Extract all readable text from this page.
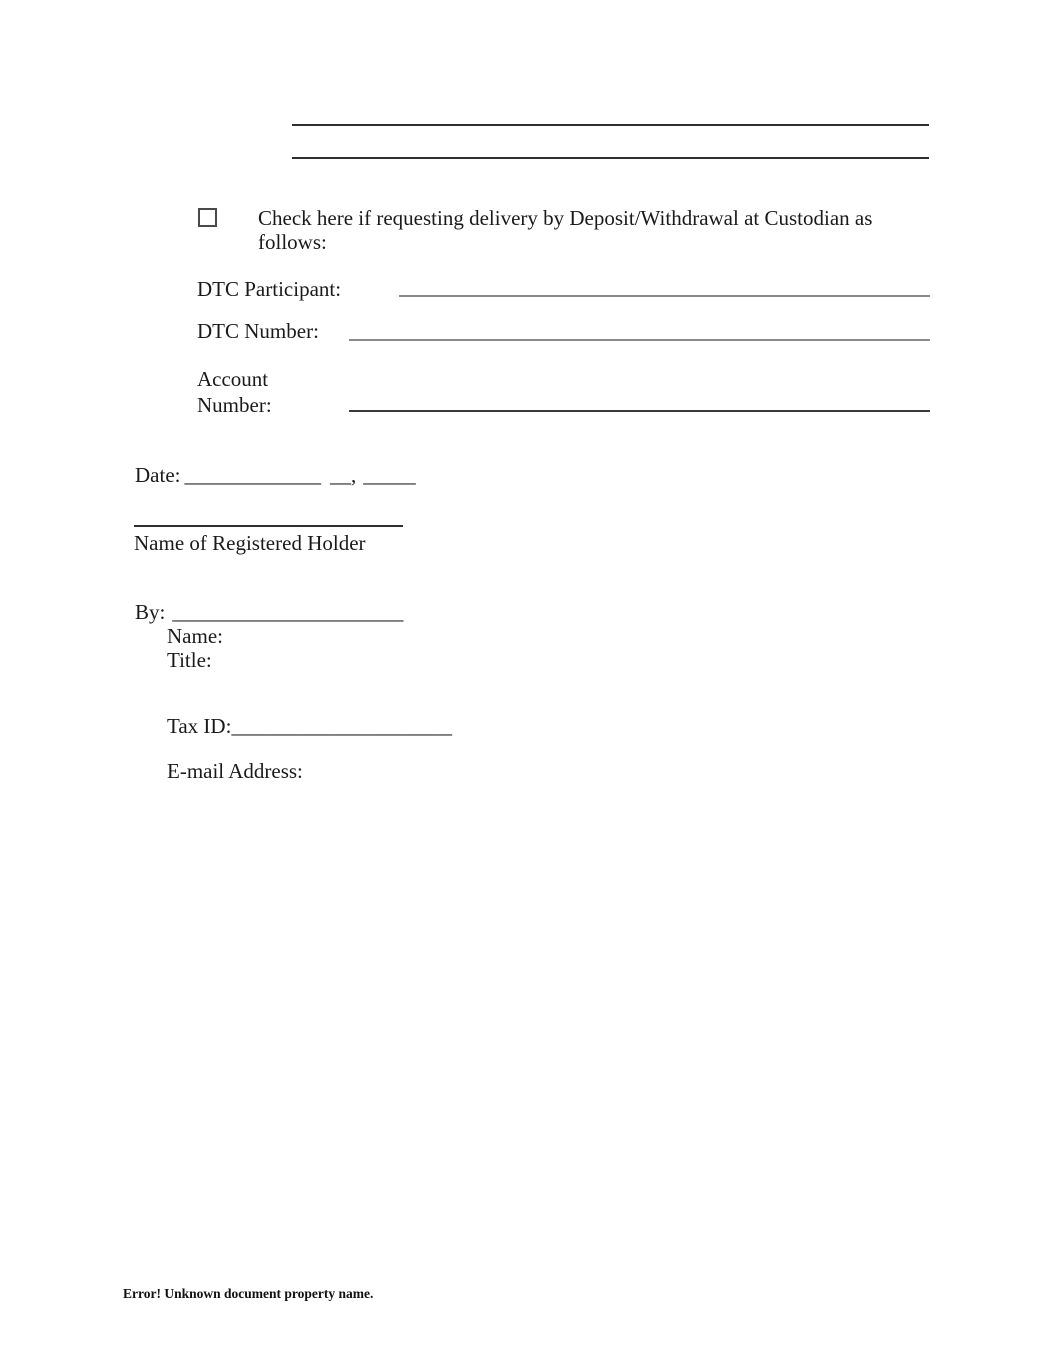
Check here if requesting delivery by Deposit/Withdrawal at Custodian as follows:
DTC Participant:
DTC Number:
Account Number:
Date: _____________ __, _____
Name of Registered Holder
By: ______________________
Name:
Title:
Tax ID:_____________________
E-mail Address:
Error! Unknown document property name.
